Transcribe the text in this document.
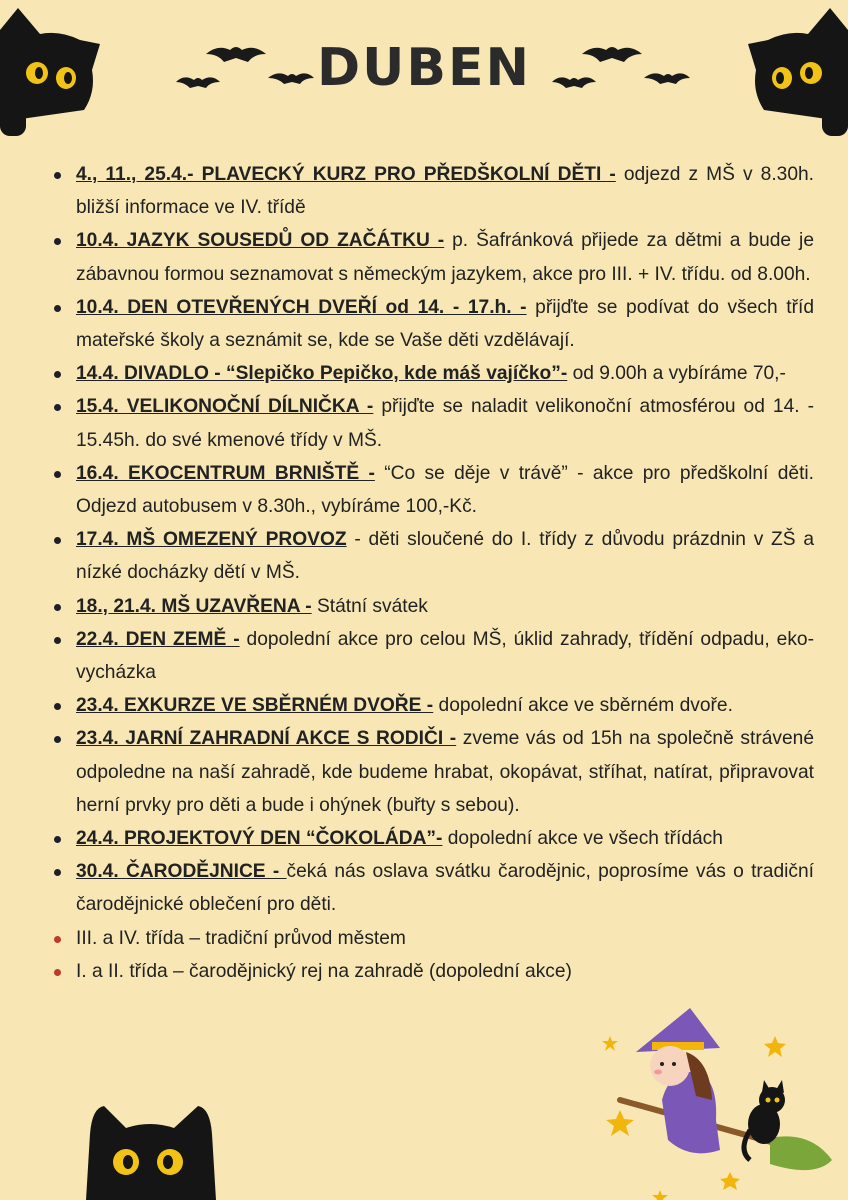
DUBEN
4., 11., 25.4.- PLAVECKÝ KURZ PRO PŘEDŠKOLNÍ DĚTI - odjezd z MŠ v 8.30h. bližší informace ve IV. třídě
10.4. JAZYK SOUSEDŮ OD ZAČÁTKU - p. Šafránková přijede za dětmi a bude je zábavnou formou seznamovat s německým jazykem, akce pro III. + IV. třídu. od 8.00h.
10.4. DEN OTEVŘENÝCH DVEŘÍ od 14. - 17.h. - přijďte se podívat do všech tříd mateřské školy a seznámit se, kde se Vaše děti vzdělávají.
14.4. DIVADLO - “Slepičko Pepičko, kde máš vajíčko”- od 9.00h a vybíráme 70,-
15.4. VELIKONOČNÍ DÍLNIČKA - přijďte se naladit velikonoční atmosférou od 14. - 15.45h. do své kmenové třídy v MŠ.
16.4. EKOCENTRUM BRNIŠTĚ - “Co se děje v trávě” - akce pro předškolní děti. Odjezd autobusem v 8.30h., vybíráme 100,-Kč.
17.4. MŠ OMEZENÝ PROVOZ - děti sloučené do I. třídy z důvodu prázdnin v ZŠ a nízké docházky dětí v MŠ.
18., 21.4. MŠ UZAVŘENA - Státní svátek
22.4. DEN ZEMĚ - dopolední akce pro celou MŠ, úklid zahrady, třídění odpadu, eko-vycházka
23.4. EXKURZE VE SBĚRNÉM DVOŘE - dopolední akce ve sběrném dvoře.
23.4. JARNÍ ZAHRADNÍ AKCE S RODIČI - zveme vás od 15h na společně strávené odpoledne na naší zahradě, kde budeme hrabat, okopávat, stříhat, natírat, připravovat herní prvky pro děti a bude i ohýnek (buřty s sebou).
24.4. PROJEKTOVÝ DEN “ČOKOLÁDA”- dopolední akce ve všech třídách
30.4. ČARODĚJNICE - čeká nás oslava svátku čarodějnic, poprosíme vás o tradiční čarodějnické oblečení pro děti.
III. a IV. třída – tradiční průvod městem
I. a II. třída – čarodějnický rej na zahradě (dopolední akce)
